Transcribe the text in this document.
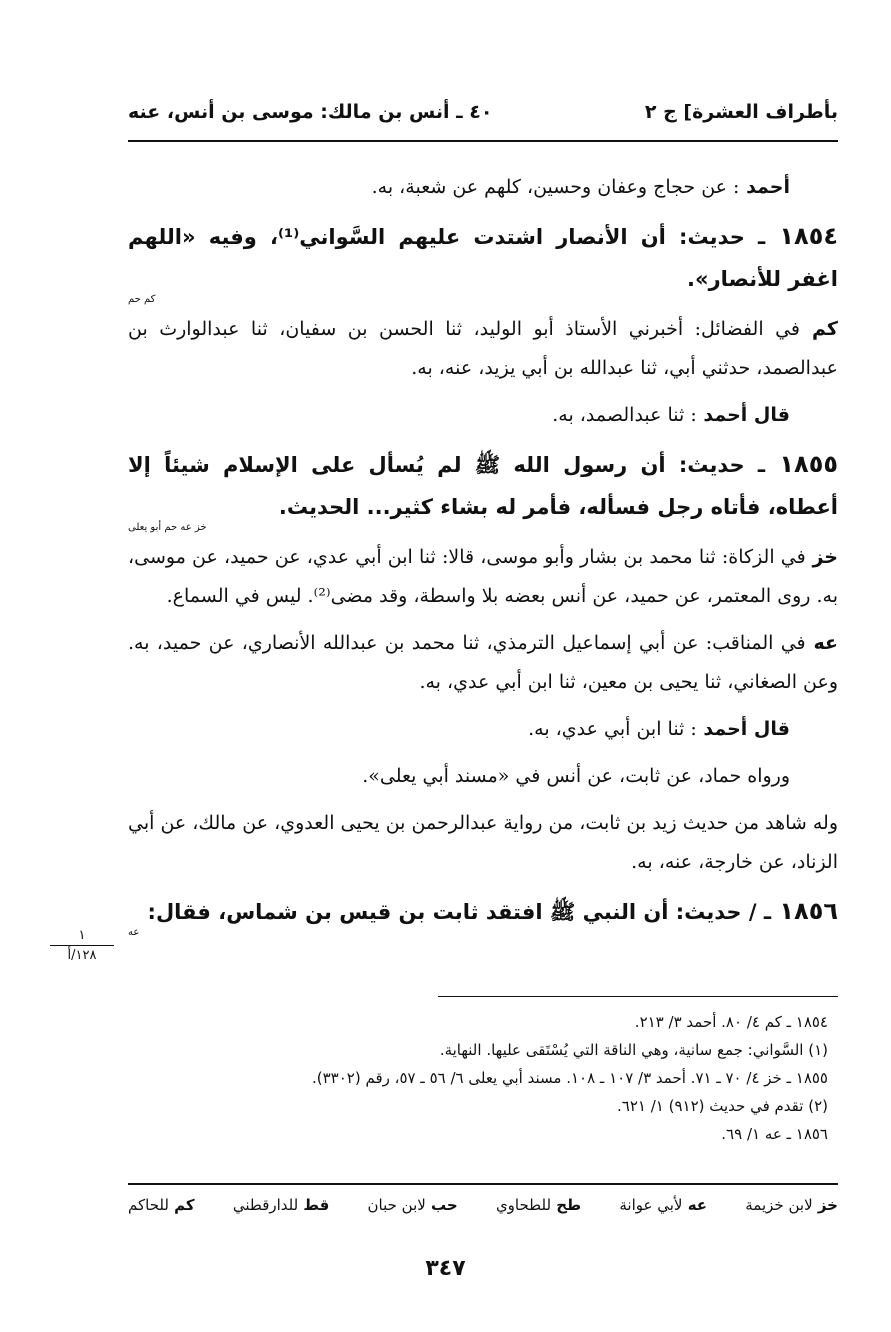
بأطراف العشرة] ج ٢
٤٠ ـ أنس بن مالك: موسى بن أنس، عنه
أحمد : عن حجاج وعفان وحسين، كلهم عن شعبة، به.
١٨٥٤ ـ حديث: أن الأنصار اشتدت عليهم السَّواني⁽¹⁾، وفيه «اللهم اغفر للأنصار».
كم حم
كم في الفضائل: أخبرني الأستاذ أبو الوليد، ثنا الحسن بن سفيان، ثنا عبدالوارث بن عبدالصمد، حدثني أبي، ثنا عبدالله بن أبي يزيد، عنه، به.
قال أحمد : ثنا عبدالصمد، به.
١٨٥٥ ـ حديث: أن رسول الله ﷺ لم يُسأل على الإسلام شيئاً إلا أعطاه، فأتاه رجل فسأله، فأمر له بشاء كثير... الحديث.
خز عه حم أبو يعلى
خز في الزكاة: ثنا محمد بن بشار وأبو موسى، قالا: ثنا ابن أبي عدي، عن حميد، عن موسى، به. روى المعتمر، عن حميد، عن أنس بعضه بلا واسطة، وقد مضى⁽²⁾. ليس في السماع.
عه في المناقب: عن أبي إسماعيل الترمذي، ثنا محمد بن عبدالله الأنصاري، عن حميد، به. وعن الصغاني، ثنا يحيى بن معين، ثنا ابن أبي عدي، به.
قال أحمد : ثنا ابن أبي عدي، به.
ورواه حماد، عن ثابت، عن أنس في «مسند أبي يعلى».
وله شاهد من حديث زيد بن ثابت، من رواية عبدالرحمن بن يحيى العدوي، عن مالك، عن أبي الزناد، عن خارجة، عنه، به.
١٨٥٦ ـ / حديث: أن النبي ﷺ افتقد ثابت بن قيس بن شماس، فقال:
عه
١
١٢٨/أ
١٨٥٤ ـ كم ٤/ ٨٠. أحمد ٣/ ٢١٣.
(١) السَّواني: جمع سانية، وهي الناقة التي يُسْتَقى عليها. النهاية.
١٨٥٥ ـ خز ٤/ ٧٠ ـ ٧١. أحمد ٣/ ١٠٧ ـ ١٠٨. مسند أبي يعلى ٦/ ٥٦ ـ ٥٧، رقم (٣٣٠٢).
(٢) تقدم في حديث (٩١٢) ١/ ٦٢١.
١٨٥٦ ـ عه ١/ ٦٩.
خز لابن خزيمة
عه لأبي عوانة
طح للطحاوي
حب لابن حبان
قط للدارقطني
كم للحاكم
٣٤٧
